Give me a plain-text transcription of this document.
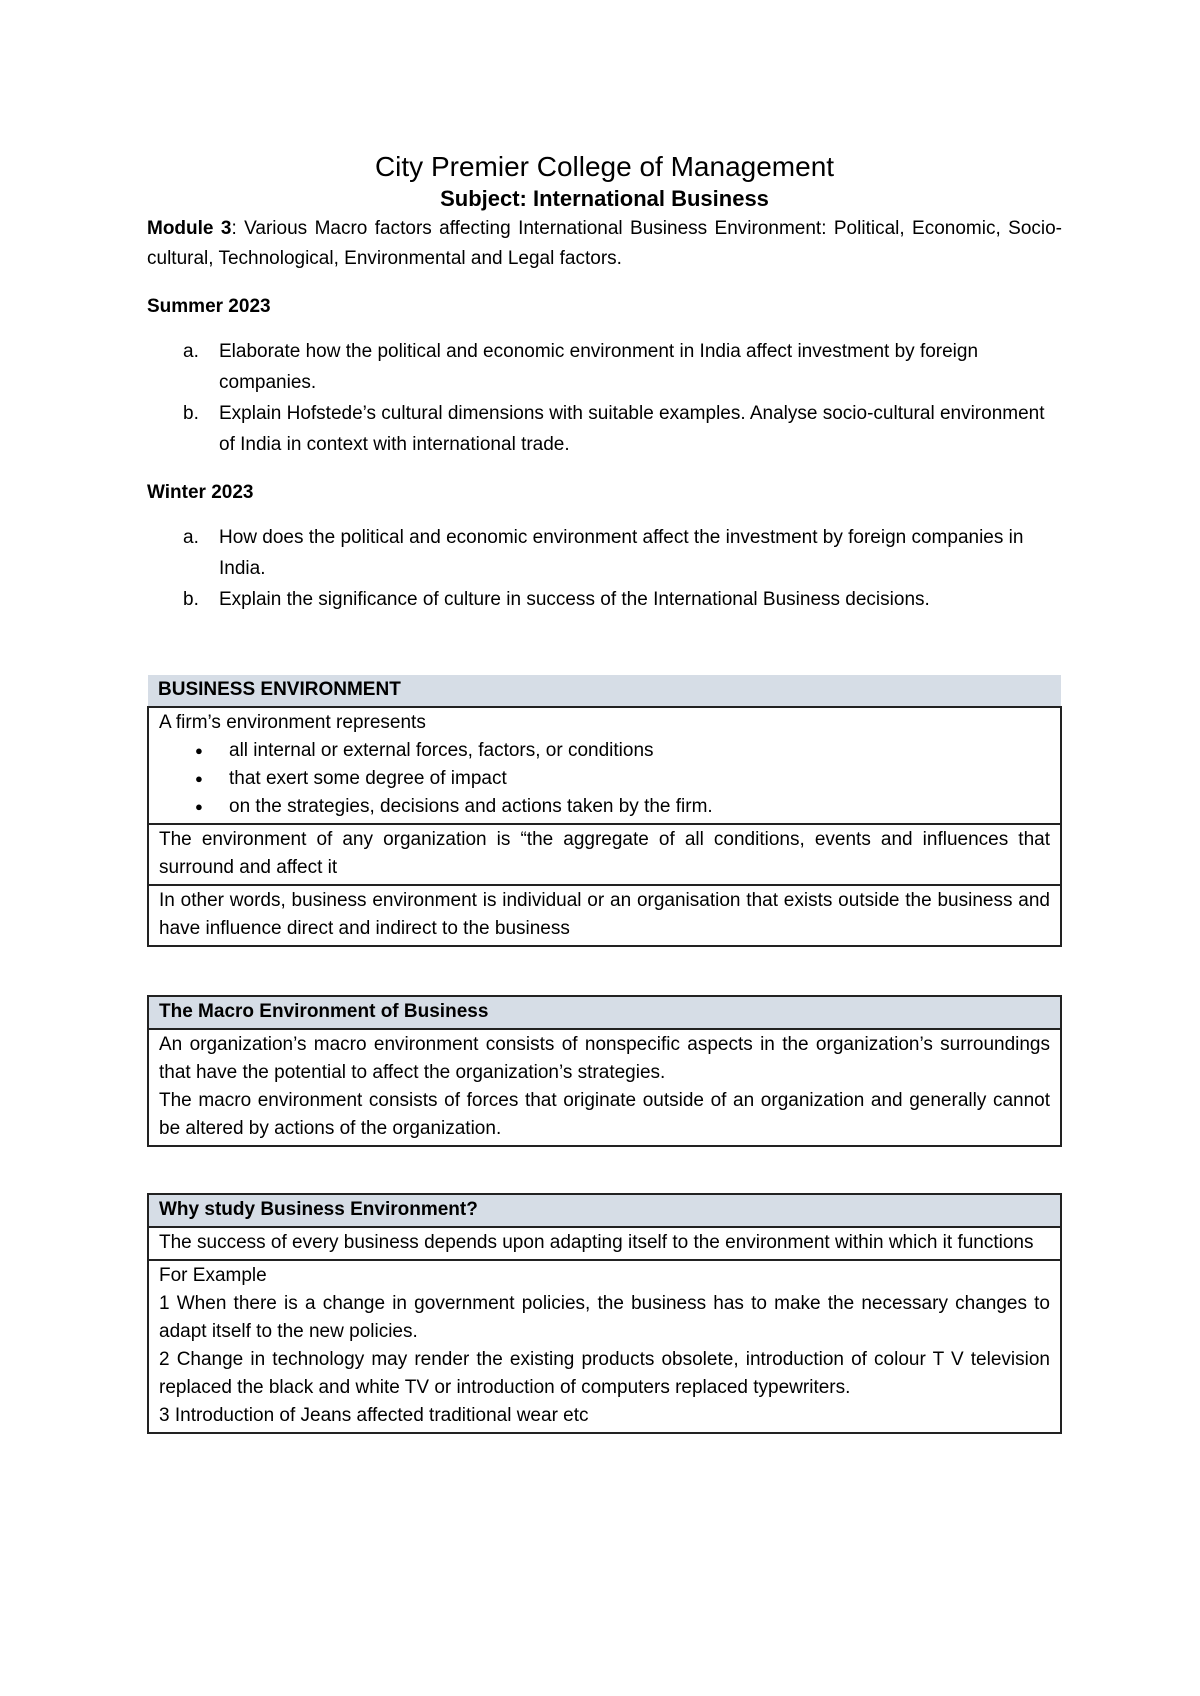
City Premier College of Management
Subject: International Business

Module 3: Various Macro factors affecting International Business Environment: Political, Economic, Socio-cultural, Technological, Environmental and Legal factors.

Summer 2023
a. Elaborate how the political and economic environment in India affect investment by foreign companies.
b. Explain Hofstede’s cultural dimensions with suitable examples. Analyse socio-cultural environment of India in context with international trade.
Winter 2023
a. How does the political and economic environment affect the investment by foreign companies in India.
b. Explain the significance of culture in success of the International Business decisions.
BUSINESS ENVIRONMENT

A firm’s environment represents
● all internal or external forces, factors, or conditions
● that exert some degree of impact
● on the strategies, decisions and actions taken by the firm.

The environment of any organization is “the aggregate of all conditions, events and influences that surround and affect it
In other words, business environment is individual or an organisation that exists outside the business and have influence direct and indirect to the business
The Macro Environment of Business

An organization’s macro environment consists of nonspecific aspects in the organization’s surroundings that have the potential to affect the organization’s strategies.
The macro environment consists of forces that originate outside of an organization and generally cannot be altered by actions of the organization.
Why study Business Environment?
The success of every business depends upon adapting itself to the environment within which it functions

For Example
1 When there is a change in government policies, the business has to make the necessary changes to adapt itself to the new policies.
2 Change in technology may render the existing products obsolete, introduction of colour T V television replaced the black and white TV or introduction of computers replaced typewriters.
3 Introduction of Jeans affected traditional wear etc
